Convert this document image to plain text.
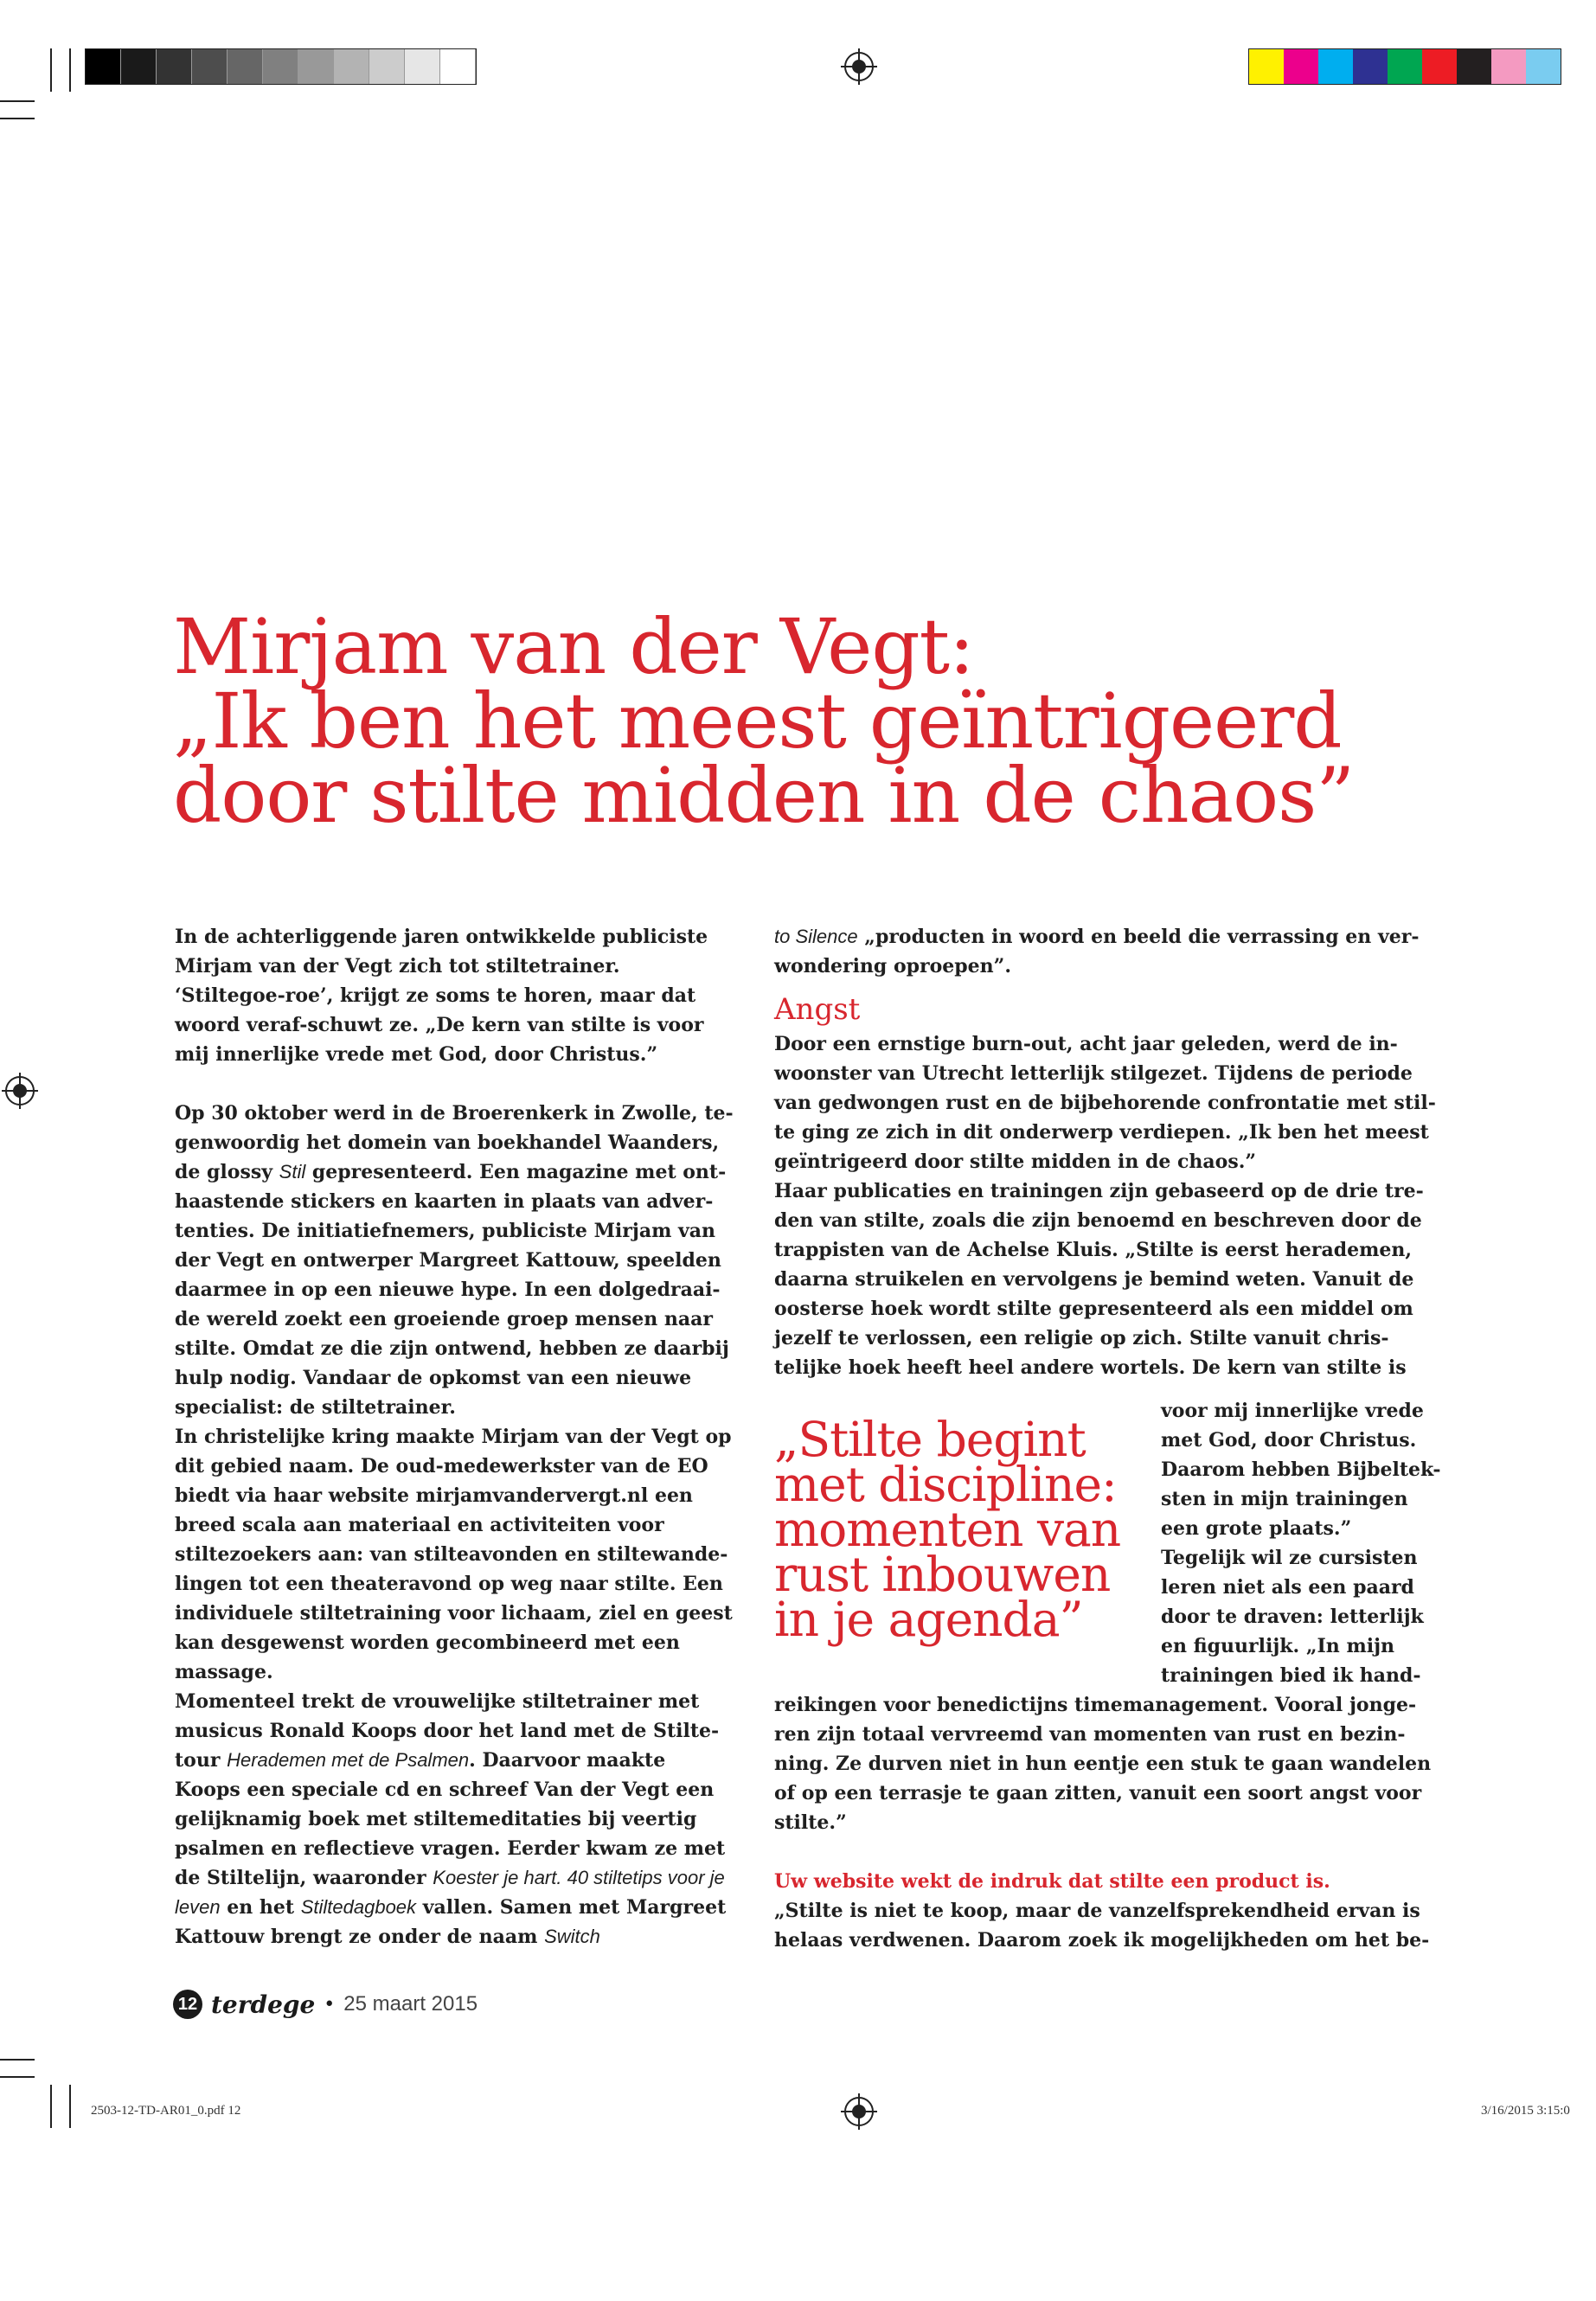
Mirjam van der Vegt:
„Ik ben het meest geïntrigeerd
door stilte midden in de chaos”

In de achterliggende jaren ontwikkelde publiciste Mirjam van der Vegt zich tot stiltetrainer. ‘Stiltegoe-roe’, krijgt ze soms te horen, maar dat woord veraf-schuwt ze. „De kern van stilte is voor mij innerlijke vrede met God, door Christus.”

Op 30 oktober werd in de Broerenkerk in Zwolle, te-genwoordig het domein van boekhandel Waanders, de glossy Stil gepresenteerd. Een magazine met ont-haastende stickers en kaarten in plaats van adver-tenties. De initiatiefnemers, publiciste Mirjam van der Vegt en ontwerper Margreet Kattouw, speelden daarmee in op een nieuwe hype. In een dolgedraai-de wereld zoekt een groeiende groep mensen naar stilte. Omdat ze die zijn ontwend, hebben ze daarbij hulp nodig. Vandaar de opkomst van een nieuwe specialist: de stiltetrainer.

In christelijke kring maakte Mirjam van der Vegt op dit gebied naam. De oud-medewerkster van de EO biedt via haar website mirjamvandervergt.nl een breed scala aan materiaal en activiteiten voor stiltezoekers aan: van stilteavonden en stiltewande-lingen tot een theateravond op weg naar stilte. Een individuele stiltetraining voor lichaam, ziel en geest kan desgewenst worden gecombineerd met een massage.

Momenteel trekt de vrouwelijke stiltetrainer met musicus Ronald Koops door het land met de Stilte-tour Herademen met de Psalmen. Daarvoor maakte Koops een speciale cd en schreef Van der Vegt een gelijknamig boek met stiltemeditaties bij veertig psalmen en reflectieve vragen. Eerder kwam ze met de Stiltelijn, waaronder Koester je hart. 40 stiltetips voor je leven en het Stiltedagboek vallen. Samen met Margreet Kattouw brengt ze onder de naam Switch

to Silence „producten in woord en beeld die verrassing en ver-wondering oproepen”.

Angst

Door een ernstige burn-out, acht jaar geleden, werd de in-woonster van Utrecht letterlijk stilgezet. Tijdens de periode van gedwongen rust en de bijbehorende confrontatie met stil-te ging ze zich in dit onderwerp verdiepen. „Ik ben het meest geïntrigeerd door stilte midden in de chaos.”

Haar publicaties en trainingen zijn gebaseerd op de drie tre-den van stilte, zoals die zijn benoemd en beschreven door de trappisten van de Achelse Kluis. „Stilte is eerst herademen, daarna struikelen en vervolgens je bemind weten. Vanuit de oosterse hoek wordt stilte gepresenteerd als een middel om jezelf te verlossen, een religie op zich. Stilte vanuit chris-telijke hoek heeft heel andere wortels. De kern van stilte is

„Stilte begint
met discipline:
momenten van
rust inbouwen
in je agenda”

voor mij innerlijke vrede

met God, door Christus.

Daarom hebben Bijbeltek-

sten in mijn trainingen

een grote plaats.”

Tegelijk wil ze cursisten

leren niet als een paard

door te draven: letterlijk

en figuurlijk. „In mijn

trainingen bied ik hand-

reikingen voor benedictijns timemanagement. Vooral jonge-ren zijn totaal vervreemd van momenten van rust en bezin-ning. Ze durven niet in hun eentje een stuk te gaan wandelen of op een terrasje te gaan zitten, vanuit een soort angst voor stilte.”

Uw website wekt de indruk dat stilte een product is.

„Stilte is niet te koop, maar de vanzelfsprekendheid ervan is helaas verdwenen. Daarom zoek ik mogelijkheden om het be-

12 terdege • 25 maart 2015
2503-12-TD-AR01_0.pdf 12	3/16/2015 3:15:0
